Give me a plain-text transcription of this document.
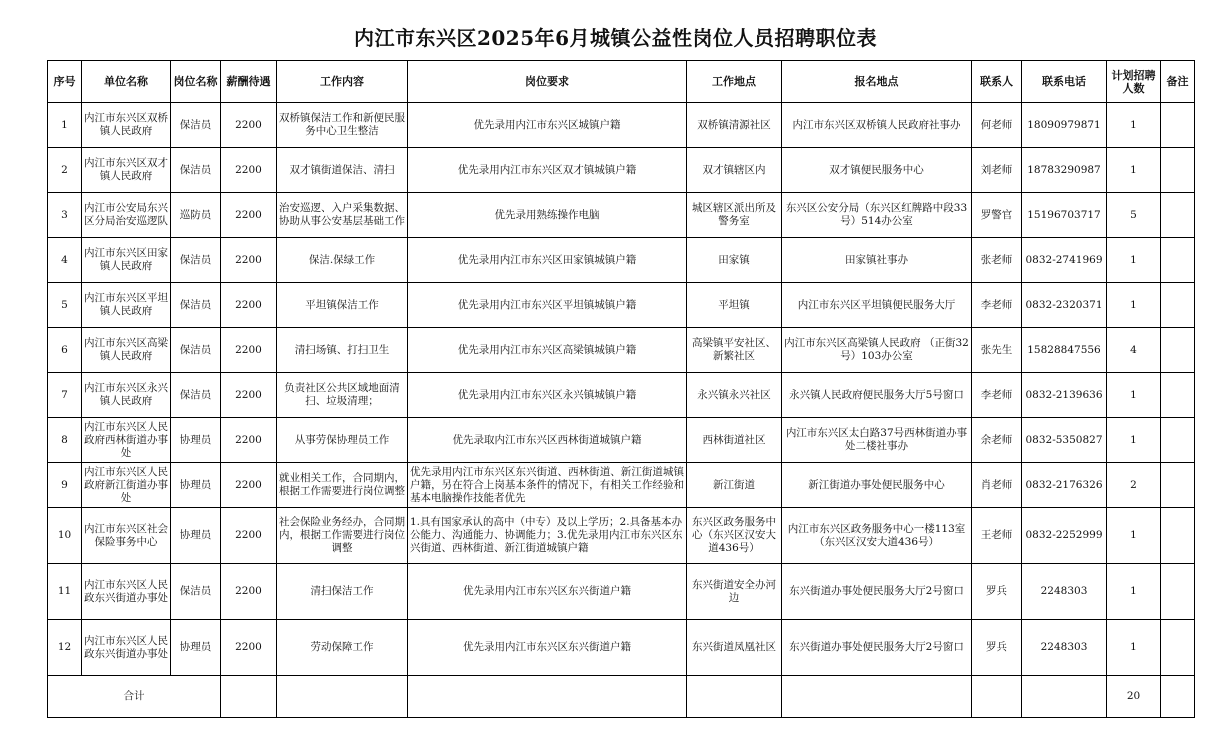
内江市东兴区2025年6月城镇公益性岗位人员招聘职位表
序号	单位名称	岗位名称	薪酬待遇	工作内容	岗位要求	工作地点	报名地点	联系人	联系电话	计划招聘人数	备注
1	内江市东兴区双桥镇人民政府	保洁员	2200	双桥镇保洁工作和新便民服务中心卫生整洁	优先录用内江市东兴区城镇户籍	双桥镇清源社区	内江市东兴区双桥镇人民政府社事办	何老师	18090979871	1	
2	内江市东兴区双才镇人民政府	保洁员	2200	双才镇街道保洁、清扫	优先录用内江市东兴区双才镇城镇户籍	双才镇辖区内	双才镇便民服务中心	刘老师	18783290987	1	
3	内江市公安局东兴区分局治安巡逻队	巡防员	2200	治安巡逻、入户采集数据、协助从事公安基层基础工作	优先录用熟练操作电脑	城区辖区派出所及警务室	东兴区公安分局（东兴区红牌路中段33号）514办公室	罗警官	15196703717	5	
4	内江市东兴区田家镇人民政府	保洁员	2200	保洁.保绿工作	优先录用内江市东兴区田家镇城镇户籍	田家镇	田家镇社事办	张老师	0832-2741969	1	
5	内江市东兴区平坦镇人民政府	保洁员	2200	平坦镇保洁工作	优先录用内江市东兴区平坦镇城镇户籍	平坦镇	内江市东兴区平坦镇便民服务大厅	李老师	0832-2320371	1	
6	内江市东兴区高梁镇人民政府	保洁员	2200	清扫场镇、打扫卫生	优先录用内江市东兴区高梁镇城镇户籍	高梁镇平安社区、新繁社区	内江市东兴区高梁镇人民政府 （正街32号）103办公室	张先生	15828847556	4	
7	内江市东兴区永兴镇人民政府	保洁员	2200	负责社区公共区域地面清扫、垃圾清理；	优先录用内江市东兴区永兴镇城镇户籍	永兴镇永兴社区	永兴镇人民政府便民服务大厅5号窗口	李老师	0832-2139636	1	
8	内江市东兴区人民政府西林街道办事处	协理员	2200	从事劳保协理员工作	优先录取内江市东兴区西林街道城镇户籍	西林街道社区	内江市东兴区太白路37号西林街道办事处二楼社事办	余老师	0832-5350827	1	
9	内江市东兴区人民政府新江街道办事处	协理员	2200	就业相关工作，合同期内，根据工作需要进行岗位调整	优先录用内江市东兴区东兴街道、西林街道、新江街道城镇户籍，另在符合上岗基本条件的情况下，有相关工作经验和基本电脑操作技能者优先	新江街道	新江街道办事处便民服务中心	肖老师	0832-2176326	2	
10	内江市东兴区社会保险事务中心	协理员	2200	社会保险业务经办，合同期内，根据工作需要进行岗位调整	1.具有国家承认的高中（中专）及以上学历；2.具备基本办公能力、沟通能力、协调能力；3.优先录用内江市东兴区东兴街道、西林街道、新江街道城镇户籍	东兴区政务服务中心（东兴区汉安大道436号）	内江市东兴区政务服务中心一楼113室（东兴区汉安大道436号）	王老师	0832-2252999	1	
11	内江市东兴区人民政东兴街道办事处	保洁员	2200	清扫保洁工作	优先录用内江市东兴区东兴街道户籍	东兴街道安全办河边	东兴街道办事处便民服务大厅2号窗口	罗兵	2248303	1	
12	内江市东兴区人民政东兴街道办事处	协理员	2200	劳动保障工作	优先录用内江市东兴区东兴街道户籍	东兴街道凤凰社区	东兴街道办事处便民服务大厅2号窗口	罗兵	2248303	1	
合计										20	
